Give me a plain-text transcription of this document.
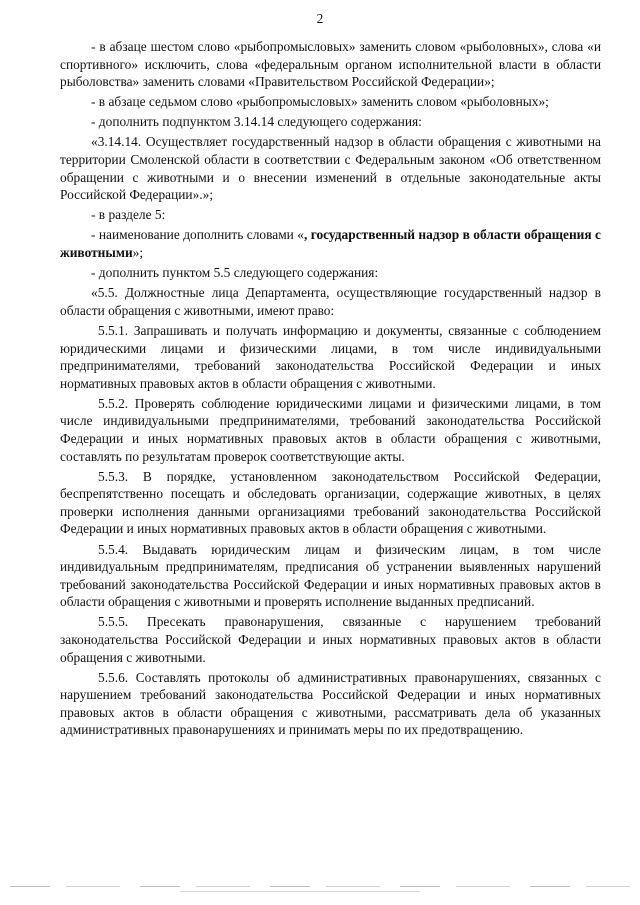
2

- в абзаце шестом слово «рыбопромысловых» заменить словом «рыболовных», слова «и спортивного» исключить, слова «федеральным органом исполнительной власти в области рыболовства» заменить словами «Правительством Российской Федерации»;

- в абзаце седьмом слово «рыбопромысловых» заменить словом «рыболовных»;

- дополнить подпунктом 3.14.14 следующего содержания:

«3.14.14. Осуществляет государственный надзор в области обращения с животными на территории Смоленской области в соответствии с Федеральным законом «Об ответственном обращении с животными и о внесении изменений в отдельные законодательные акты Российской Федерации».»;

- в разделе 5:

- наименование дополнить словами «, государственный надзор в области обращения с животными»;

- дополнить пунктом 5.5 следующего содержания:

«5.5. Должностные лица Департамента, осуществляющие государственный надзор в области обращения с животными, имеют право:

5.5.1. Запрашивать и получать информацию и документы, связанные с соблюдением юридическими лицами и физическими лицами, в том числе индивидуальными предпринимателями, требований законодательства Российской Федерации и иных нормативных правовых актов в области обращения с животными.

5.5.2. Проверять соблюдение юридическими лицами и физическими лицами, в том числе индивидуальными предпринимателями, требований законодательства Российской Федерации и иных нормативных правовых актов в области обращения с животными, составлять по результатам проверок соответствующие акты.

5.5.3. В порядке, установленном законодательством Российской Федерации, беспрепятственно посещать и обследовать организации, содержащие животных, в целях проверки исполнения данными организациями требований законодательства Российской Федерации и иных нормативных правовых актов в области обращения с животными.

5.5.4. Выдавать юридическим лицам и физическим лицам, в том числе индивидуальным предпринимателям, предписания об устранении выявленных нарушений требований законодательства Российской Федерации и иных нормативных правовых актов в области обращения с животными и проверять исполнение выданных предписаний.

5.5.5. Пресекать правонарушения, связанные с нарушением требований законодательства Российской Федерации и иных нормативных правовых актов в области обращения с животными.

5.5.6. Составлять протоколы об административных правонарушениях, связанных с нарушением требований законодательства Российской Федерации и иных нормативных правовых актов в области обращения с животными, рассматривать дела об указанных административных правонарушениях и принимать меры по их предотвращению.
